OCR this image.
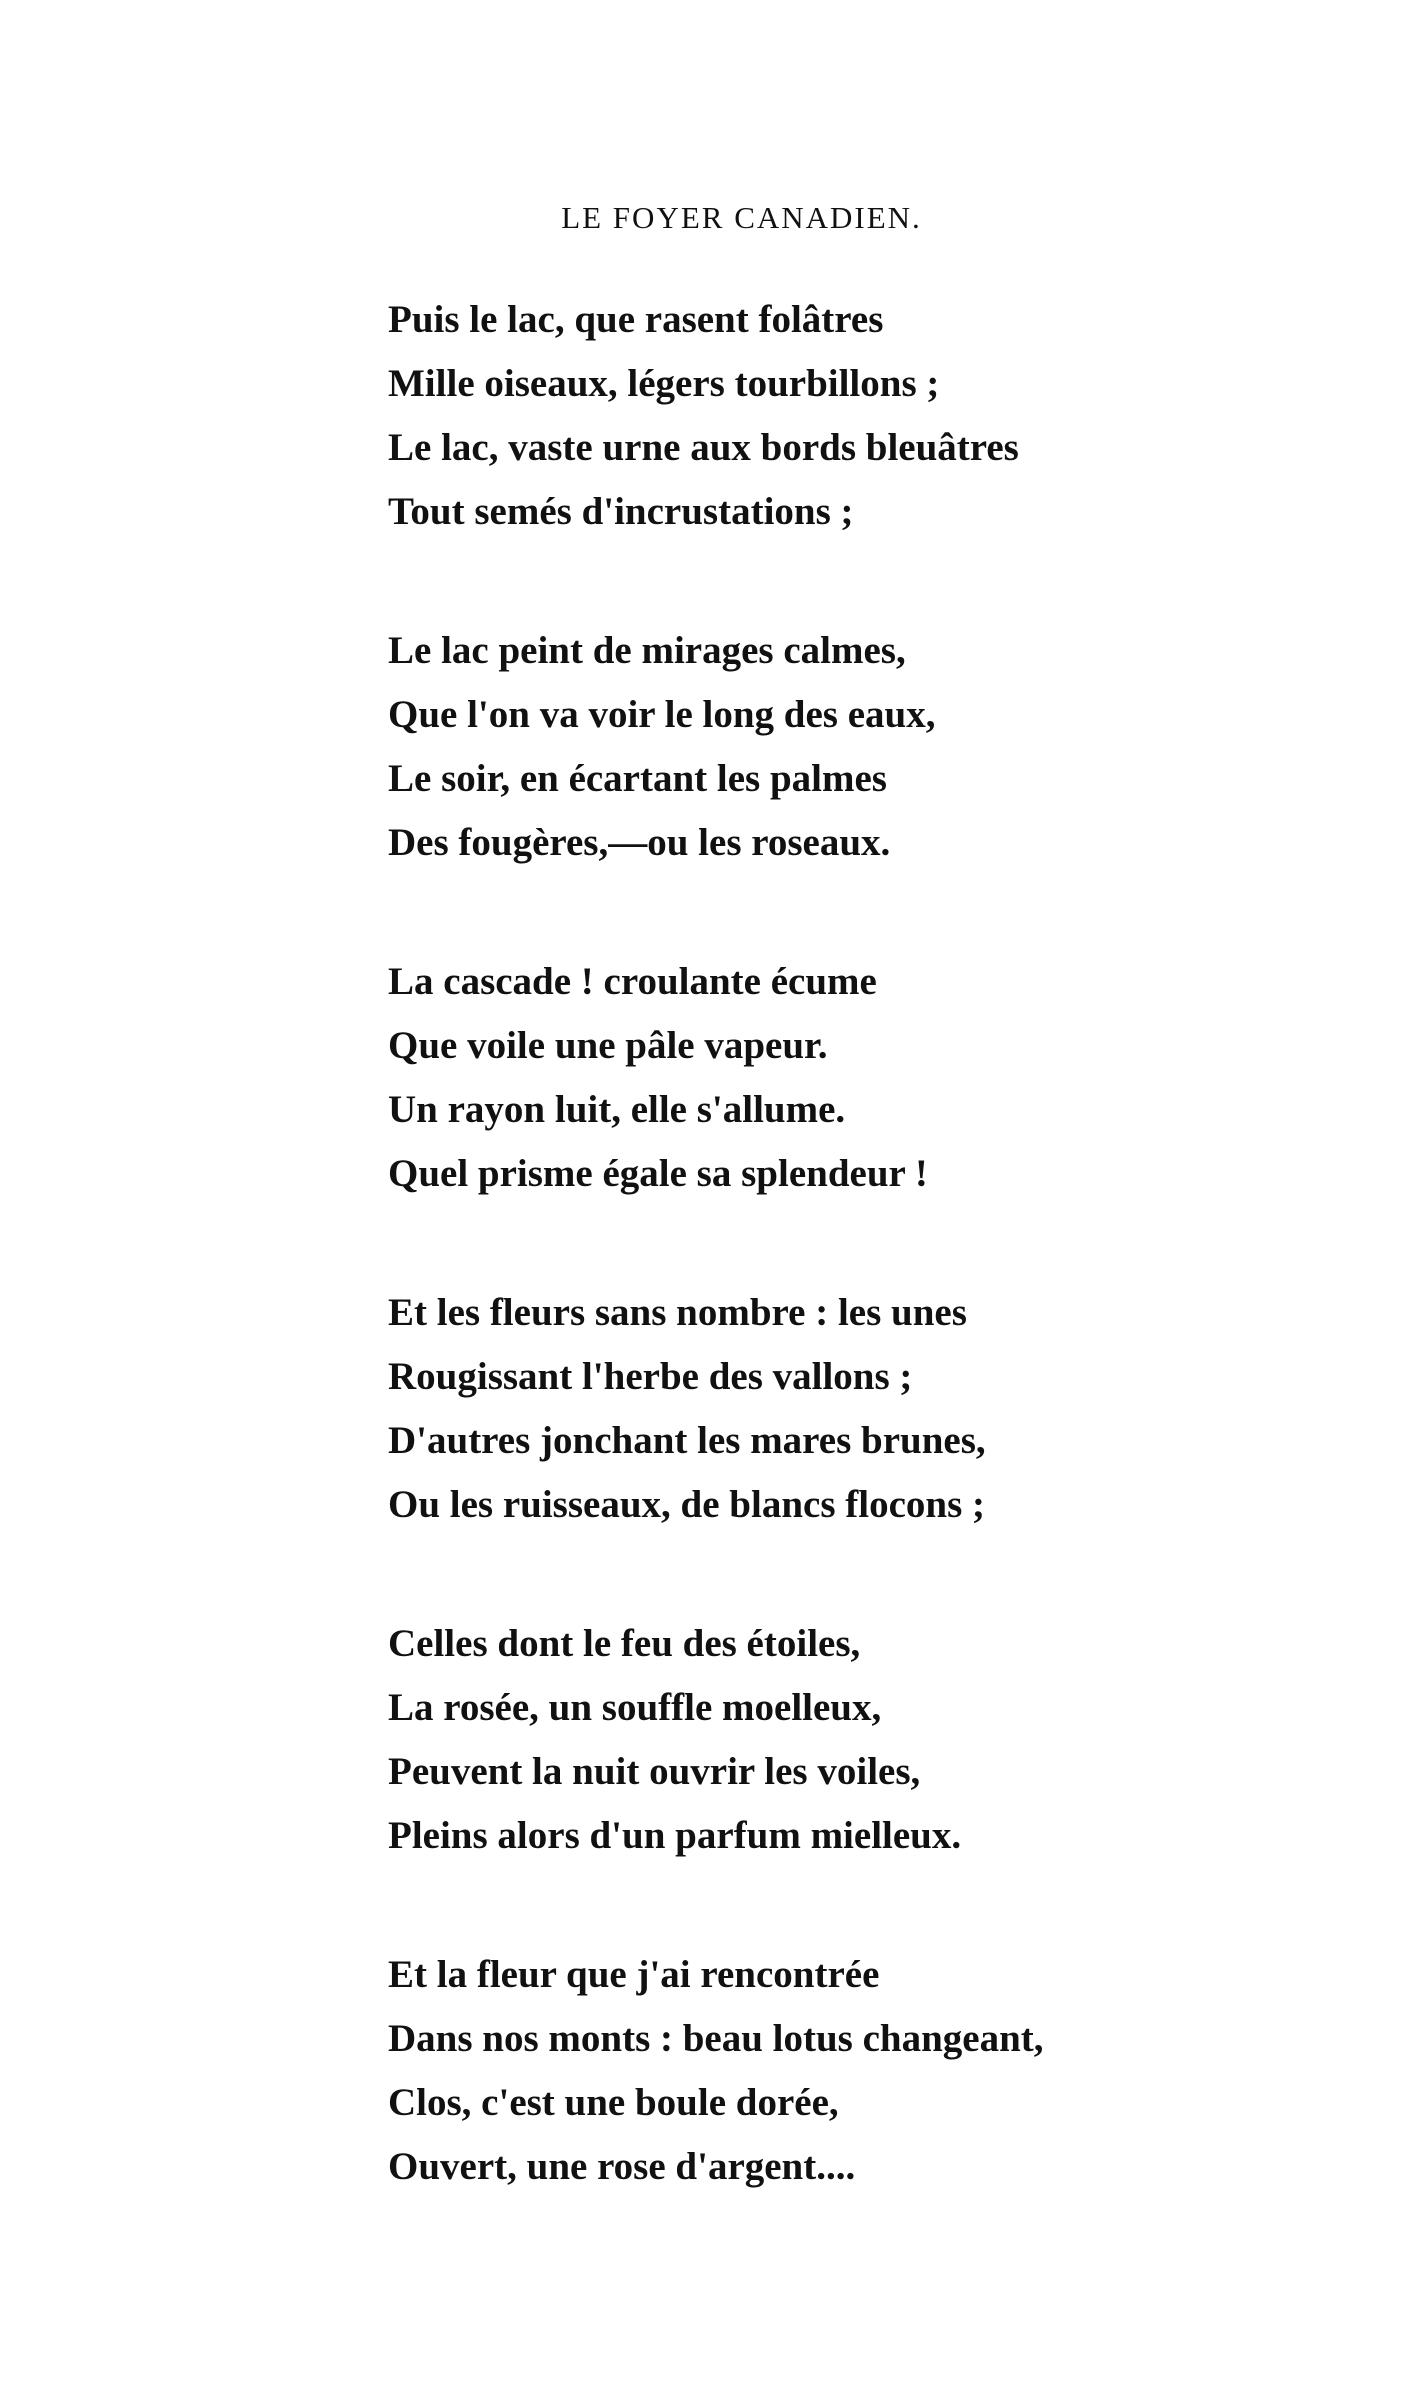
LE FOYER CANADIEN.
Puis le lac, que rasent folâtres
Mille oiseaux, légers tourbillons ;
Le lac, vaste urne aux bords bleuâtres
Tout semés d'incrustations ;
Le lac peint de mirages calmes,
Que l'on va voir le long des eaux,
Le soir, en écartant les palmes
Des fougères,—ou les roseaux.
La cascade ! croulante écume
Que voile une pâle vapeur.
Un rayon luit, elle s'allume.
Quel prisme égale sa splendeur !
Et les fleurs sans nombre : les unes
Rougissant l'herbe des vallons ;
D'autres jonchant les mares brunes,
Ou les ruisseaux, de blancs flocons ;
Celles dont le feu des étoiles,
La rosée, un souffle moelleux,
Peuvent la nuit ouvrir les voiles,
Pleins alors d'un parfum mielleux.
Et la fleur que j'ai rencontrée
Dans nos monts : beau lotus changeant,
Clos, c'est une boule dorée,
Ouvert, une rose d'argent....
